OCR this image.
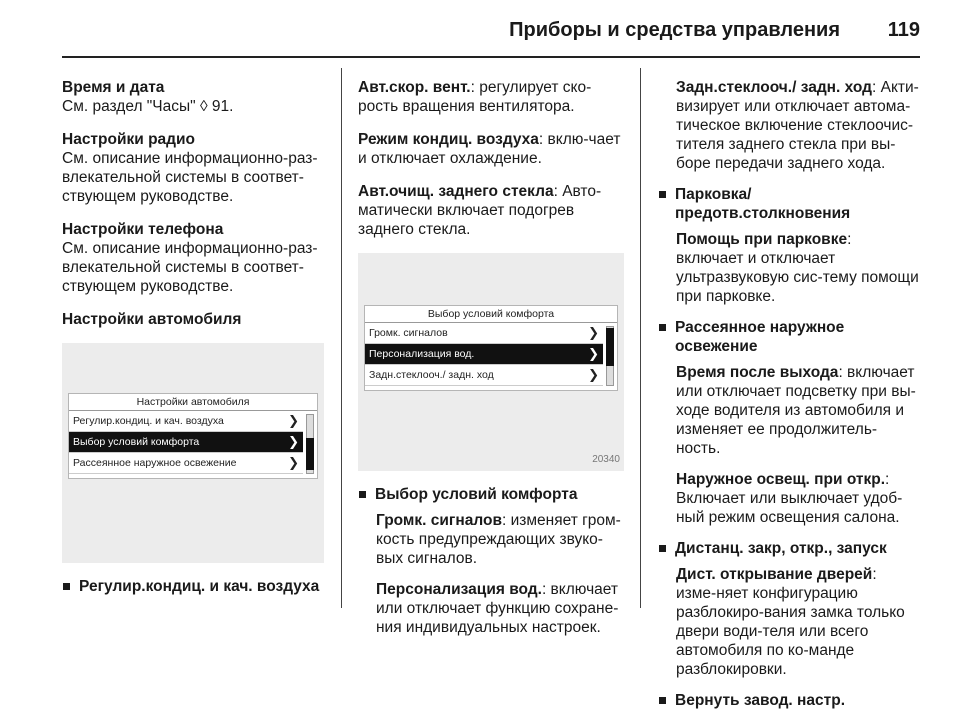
Приборы и средства управления 119

Время и дата
См. раздел "Часы" ◊ 91.

Настройки радио
См. описание информационно-раз-влекательной системы в соответ-ствующем руководстве.

Настройки телефона
См. описание информационно-раз-влекательной системы в соответ-ствующем руководстве.

Настройки автомобиля

Настройки автомобиля
Регулир.кондиц. и кач. воздуха	❯
Выбор условий комфорта	❯
Рассеянное наружное освежение	❯
Регулир.кондиц. и кач. воздуха

Авт.скор. вент.: регулирует ско-рость вращения вентилятора.

Режим кондиц. воздуха: вклю-чает и отключает охлаждение.

Авт.очищ. заднего стекла: Авто-матически включает подогрев заднего стекла.

Выбор условий комфорта
Громк. сигналов	❯
Персонализация вод.	❯
Задн.стеклооч./ задн. ход	❯
20340
Выбор условий комфорта
Громк. сигналов: изменяет гром-кость предупреждающих звуко-вых сигналов.
Персонализация вод.: включает или отключает функцию сохране-ния индивидуальных настроек.
Задн.стеклооч./ задн. ход: Акти-визирует или отключает автома-тическое включение стеклоочис-тителя заднего стекла при вы-боре передачи заднего хода.
Парковка/предотв.столкновения
Помощь при парковке: включает и отключает ультразвуковую сис-тему помощи при парковке.
Рассеянное наружное освежение
Время после выхода: включает или отключает подсветку при вы-ходе водителя из автомобиля и изменяет ее продолжитель-ность.
Наружное освещ. при откр.: Включает или выключает удоб-ный режим освещения салона.
Дистанц. закр, откр., запуск
Дист. открывание дверей: изме-няет конфигурацию разблокиро-вания замка только двери води-теля или всего автомобиля по ко-манде разблокировки.
Вернуть завод. настр.
